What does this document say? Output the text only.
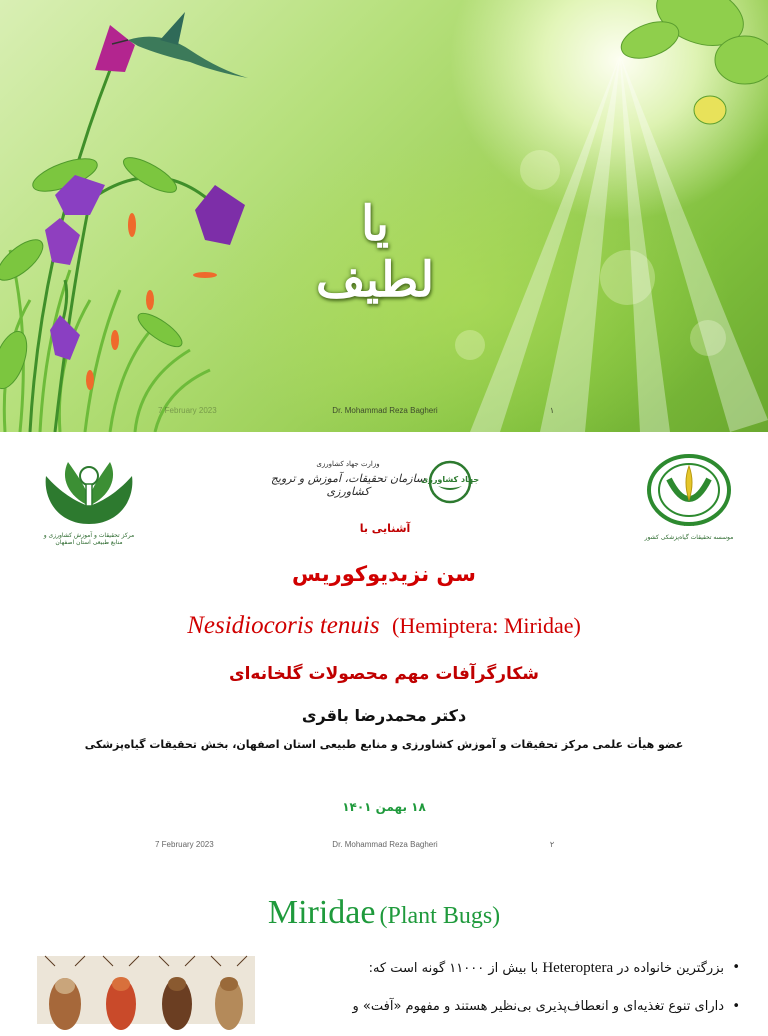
یا لطیف
7 February 2023	Dr. Mohammad Reza Bagheri	۱
مرکز تحقیقات و آموزش کشاورزی و منابع طبیعی استان اصفهان
وزارت جهاد کشاورزی
سازمان تحقیقات، آموزش و ترویج کشاورزی
جهاد کشاورزی
۱۳۲۲
موسسه تحقیقات گیاه‌پزشکی کشور
آشنایی با
سن نزیدیوکوریس
Nesidiocoris tenuis (Hemiptera: Miridae)
شکارگرآفات مهم محصولات گلخانه‌ای
دکتر محمدرضا باقری
عضو هیأت علمی مرکز تحقیقات و آموزش کشاورزی و منابع طبیعی استان اصفهان، بخش تحقیقات گیاه‌پزشکی
۱۸ بهمن ۱۴۰۱
7 February 2023	Dr. Mohammad Reza Bagheri	۲
Miridae (Plant Bugs)
• بزرگترین خانواده در Heteroptera با بیش از ۱۱۰۰۰ گونه است که:
• دارای تنوع تغذیه‌ای و انعطاف‌پذیری بی‌نظیر هستند و مفهوم «آفت» و
